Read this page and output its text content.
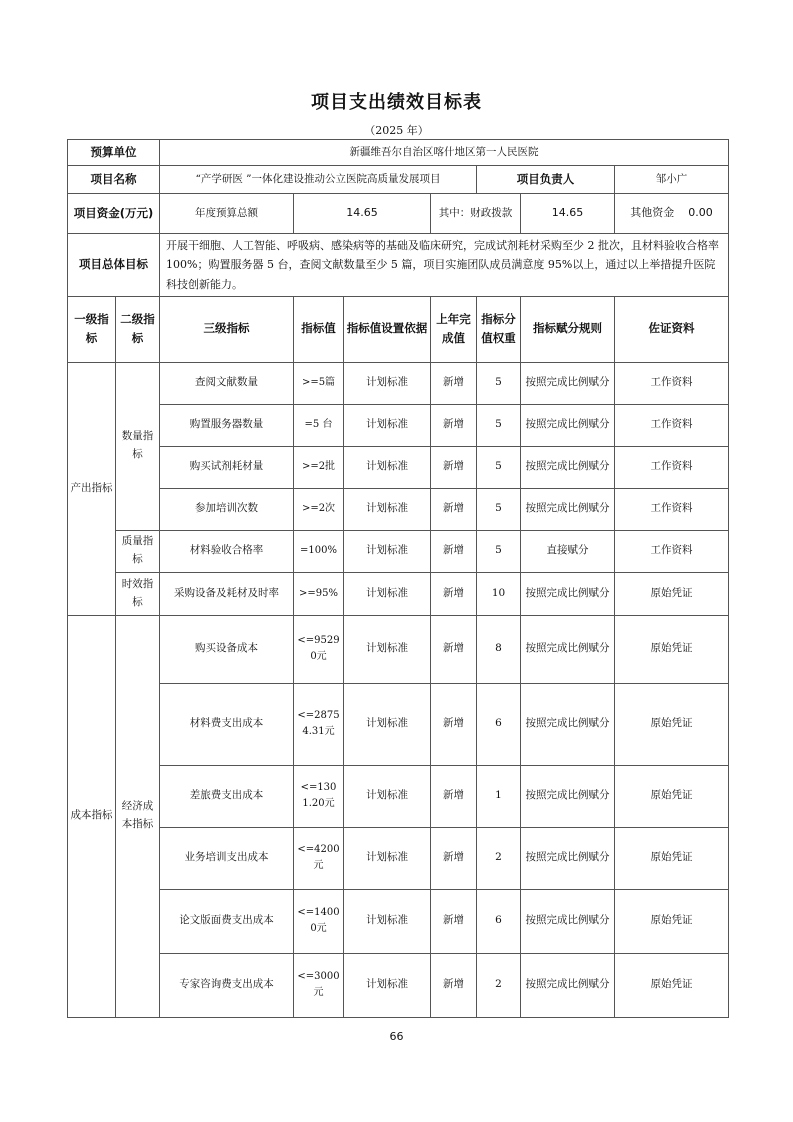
项目支出绩效目标表
（2025 年）
预算单位		新疆维吾尔自治区喀什地区第一人民医院						
项目名称		“产学研医 ”一体化建设推动公立医院高质量发展项目				项目负责人		邹小广
项目资金(万元)		年度预算总额	14.65		其中：财政拨款		14.65	其他资金 0.00
项目总体目标		开展干细胞、人工智能、呼吸病、感染病等的基础及临床研究，完成试剂耗材采购至少 2 批次，且材料验收合格率 100%；购置服务器 5 台，查阅文献数量至少 5 篇，项目实施团队成员满意度 95%以上，通过以上举措提升医院科技创新能力。						
一级指标	二级指标	三级指标	指标值	指标值设置依据	上年完成值	指标分值权重	指标赋分规则	佐证资料
产出指标	数量指标	查阅文献数量	>=5篇	计划标准	新增	5	按照完成比例赋分	工作资料
		购置服务器数量	=5 台	计划标准	新增	5	按照完成比例赋分	工作资料
		购买试剂耗材量	>=2批	计划标准	新增	5	按照完成比例赋分	工作资料
		参加培训次数	>=2次	计划标准	新增	5	按照完成比例赋分	工作资料
	质量指标	材料验收合格率	=100%	计划标准	新增	5	直接赋分	工作资料
	时效指标	采购设备及耗材及时率	>=95%	计划标准	新增	10	按照完成比例赋分	原始凭证
成本指标	经济成本指标	购买设备成本	<=95290元	计划标准	新增	8	按照完成比例赋分	原始凭证
		材料费支出成本	<=28754.31元	计划标准	新增	6	按照完成比例赋分	原始凭证
		差旅费支出成本	<=1301.20元	计划标准	新增	1	按照完成比例赋分	原始凭证
		业务培训支出成本	<=4200元	计划标准	新增	2	按照完成比例赋分	原始凭证
		论文版面费支出成本	<=14000元	计划标准	新增	6	按照完成比例赋分	原始凭证
		专家咨询费支出成本	<=3000元	计划标准	新增	2	按照完成比例赋分	原始凭证
66
